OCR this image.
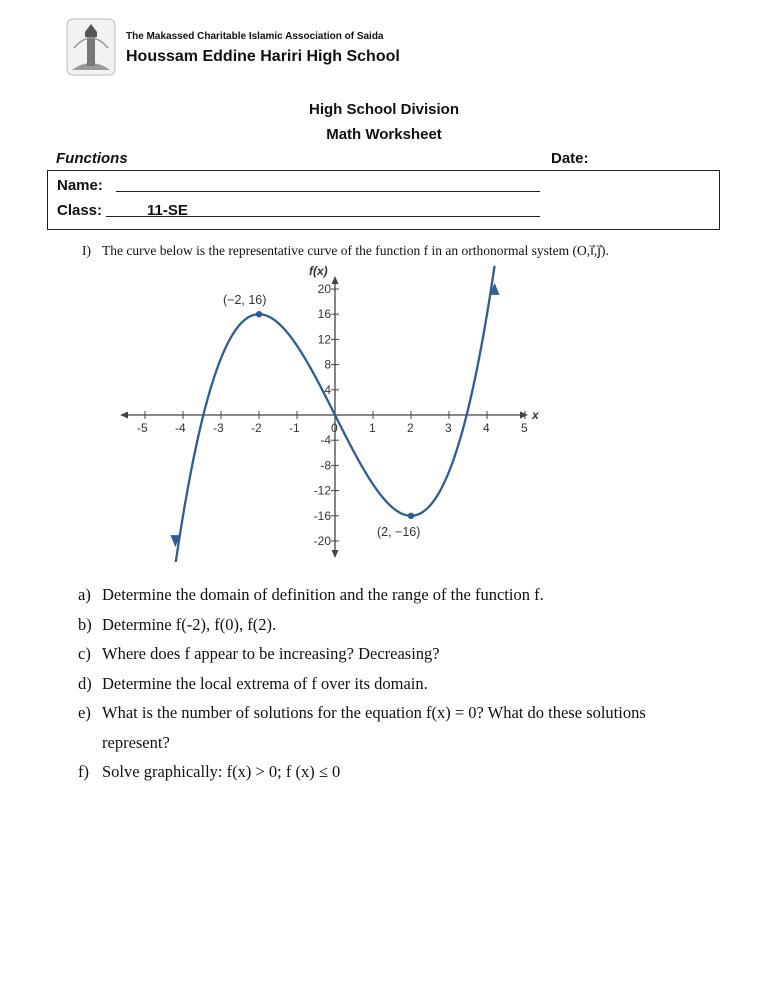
The Makassed Charitable Islamic Association of Saida
Houssam Eddine Hariri High School
High School Division
Math Worksheet
Functions	Date:
Name:
Class:	11-SE
I) The curve below is the representative curve of the function f in an orthonormal system (O,i⃗,j⃗).
x
f(x)
-5 -4 -3 -2 -1	0	1	2	3	4	5
-20
-16
-12
-8
-4
4
8
12
16
20
(−2, 16)
(2, −16)
a) Determine the domain of definition and the range of the function f.
b) Determine f(-2), f(0), f(2).
c) Where does f appear to be increasing? Decreasing?
d) Determine the local extrema of f over its domain.
e) What is the number of solutions for the equation f(x) = 0? What do these solutions represent?
f) Solve graphically: f(x) > 0; f (x) ≤ 0
